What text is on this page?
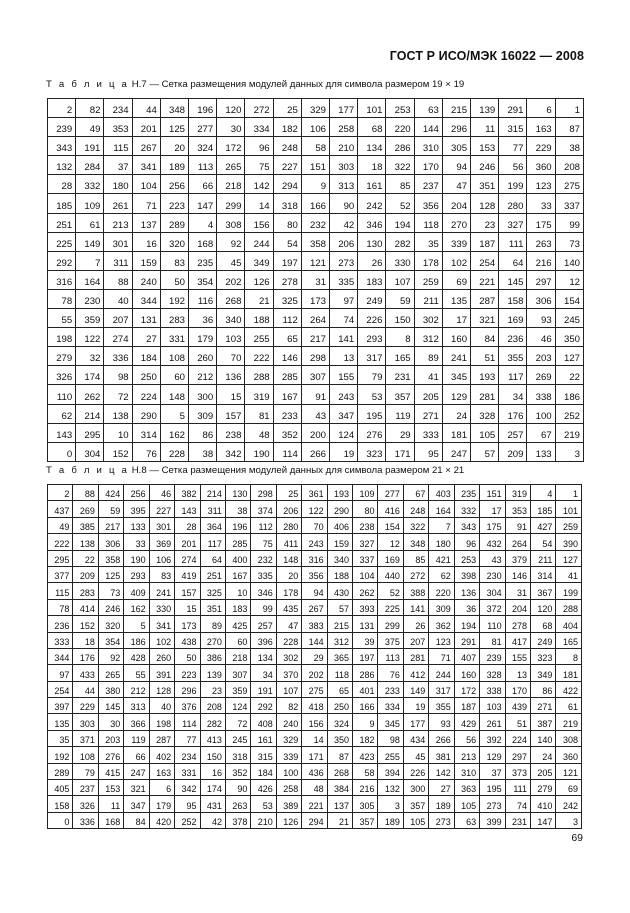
ГОСТ Р ИСО/МЭК 16022 — 2008
Т а б л и ц а Н.7 — Сетка размещения модулей данных для символа размером 19 × 19
2	82	234	44	348	196	120	272	25	329	177	101	253	63	215	139	291	6	1
239	49	353	201	125	277	30	334	182	106	258	68	220	144	296	11	315	163	87
343	191	115	267	20	324	172	96	248	58	210	134	286	310	305	153	77	229	38
132	284	37	341	189	113	265	75	227	151	303	18	322	170	94	246	56	360	208
28	332	180	104	256	66	218	142	294	9	313	161	85	237	47	351	199	123	275
185	109	261	71	223	147	299	14	318	166	90	242	52	356	204	128	280	33	337
251	61	213	137	289	4	308	156	80	232	42	346	194	118	270	23	327	175	99
225	149	301	16	320	168	92	244	54	358	206	130	282	35	339	187	111	263	73
292	7	311	159	83	235	45	349	197	121	273	26	330	178	102	254	64	216	140
316	164	88	240	50	354	202	126	278	31	335	183	107	259	69	221	145	297	12
78	230	40	344	192	116	268	21	325	173	97	249	59	211	135	287	158	306	154
55	359	207	131	283	36	340	188	112	264	74	226	150	302	17	321	169	93	245
198	122	274	27	331	179	103	255	65	217	141	293	8	312	160	84	236	46	350
279	32	336	184	108	260	70	222	146	298	13	317	165	89	241	51	355	203	127
326	174	98	250	60	212	136	288	285	307	155	79	231	41	345	193	117	269	22
110	262	72	224	148	300	15	319	167	91	243	53	357	205	129	281	34	338	186
62	214	138	290	5	309	157	81	233	43	347	195	119	271	24	328	176	100	252
143	295	10	314	162	86	238	48	352	200	124	276	29	333	181	105	257	67	219
0	304	152	76	228	38	342	190	114	266	19	323	171	95	247	57	209	133	3
Т а б л и ц а Н.8 — Сетка размещения модулей данных для символа размером 21 × 21
2	88	424	256	46	382	214	130	298	25	361	193	109	277	67	403	235	151	319	4	1
437	269	59	395	227	143	311	38	374	206	122	290	80	416	248	164	332	17	353	185	101
49	385	217	133	301	28	364	196	112	280	70	406	238	154	322	7	343	175	91	427	259
222	138	306	33	369	201	117	285	75	411	243	159	327	12	348	180	96	432	264	54	390
295	22	358	190	106	274	64	400	232	148	316	340	337	169	85	421	253	43	379	211	127
377	209	125	293	83	419	251	167	335	20	356	188	104	440	272	62	398	230	146	314	41
115	283	73	409	241	157	325	10	346	178	94	430	262	52	388	220	136	304	31	367	199
78	414	246	162	330	15	351	183	99	435	267	57	393	225	141	309	36	372	204	120	288
236	152	320	5	341	173	89	425	257	47	383	215	131	299	26	362	194	110	278	68	404
333	18	354	186	102	438	270	60	396	228	144	312	39	375	207	123	291	81	417	249	165
344	176	92	428	260	50	386	218	134	302	29	365	197	113	281	71	407	239	155	323	8
97	433	265	55	391	223	139	307	34	370	202	118	286	76	412	244	160	328	13	349	181
254	44	380	212	128	296	23	359	191	107	275	65	401	233	149	317	172	338	170	86	422
397	229	145	313	40	376	208	124	292	82	418	250	166	334	19	355	187	103	439	271	61
135	303	30	366	198	114	282	72	408	240	156	324	9	345	177	93	429	261	51	387	219
35	371	203	119	287	77	413	245	161	329	14	350	182	98	434	266	56	392	224	140	308
192	108	276	66	402	234	150	318	315	339	171	87	423	255	45	381	213	129	297	24	360
289	79	415	247	163	331	16	352	184	100	436	268	58	394	226	142	310	37	373	205	121
405	237	153	321	6	342	174	90	426	258	48	384	216	132	300	27	363	195	111	279	69
158	326	11	347	179	95	431	263	53	389	221	137	305	3	357	189	105	273	74	410	242
0	336	168	84	420	252	42	378	210	126	294	21	357	189	105	273	63	399	231	147	3
69
